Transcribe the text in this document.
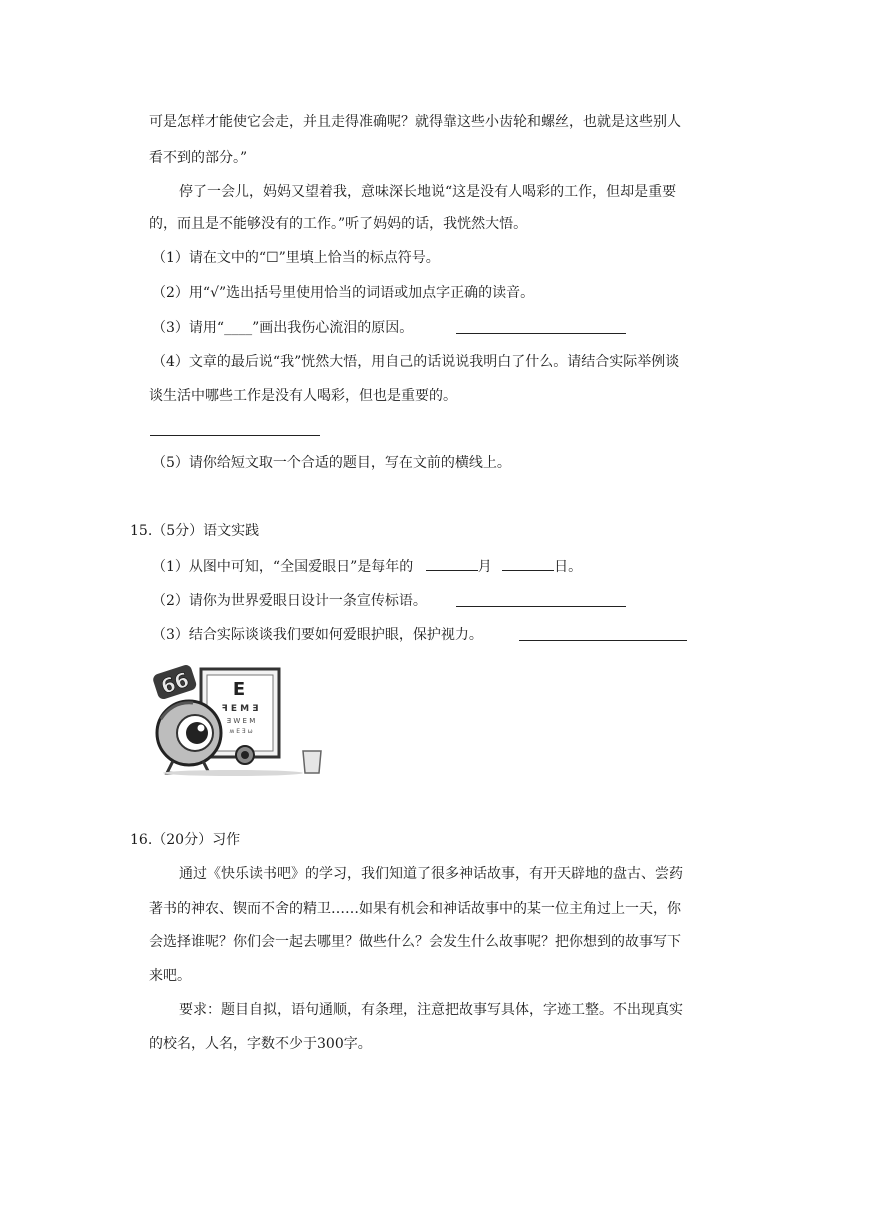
可是怎样才能使它会走，并且走得准确呢？就得靠这些小齿轮和螺丝，也就是这些别人
看不到的部分。”
停了一会儿，妈妈又望着我，意味深长地说“这是没有人喝彩的工作，但却是重要
的，而且是不能够没有的工作。”听了妈妈的话，我恍然大悟。
（1）请在文中的“☐”里填上恰当的标点符号。
（2）用“√”选出括号里使用恰当的词语或加点字正确的读音。
（3）请用“____”画出我伤心流泪的原因。
（4）文章的最后说“我”恍然大悟，用自己的话说说我明白了什么。请结合实际举例谈
谈生活中哪些工作是没有人喝彩，但也是重要的。
（5）请你给短文取一个合适的题目，写在文前的横线上。
15.（5分）语文实践
（1）从图中可知，“全国爱眼日”是每年的	月	日。
（2）请你为世界爱眼日设计一条宣传标语。
（3）结合实际谈谈我们要如何爱眼护眼，保护视力。
E
ꟻ E M Ǝ
Ǝ W E M
ʍ E Ǝ ω
66
16.（20分）习作
通过《快乐读书吧》的学习，我们知道了很多神话故事，有开天辟地的盘古、尝药
著书的神农、锲而不舍的精卫……如果有机会和神话故事中的某一位主角过上一天，你
会选择谁呢？你们会一起去哪里？做些什么？会发生什么故事呢？把你想到的故事写下
来吧。
要求：题目自拟，语句通顺，有条理，注意把故事写具体，字迹工整。不出现真实
的校名，人名，字数不少于300字。
